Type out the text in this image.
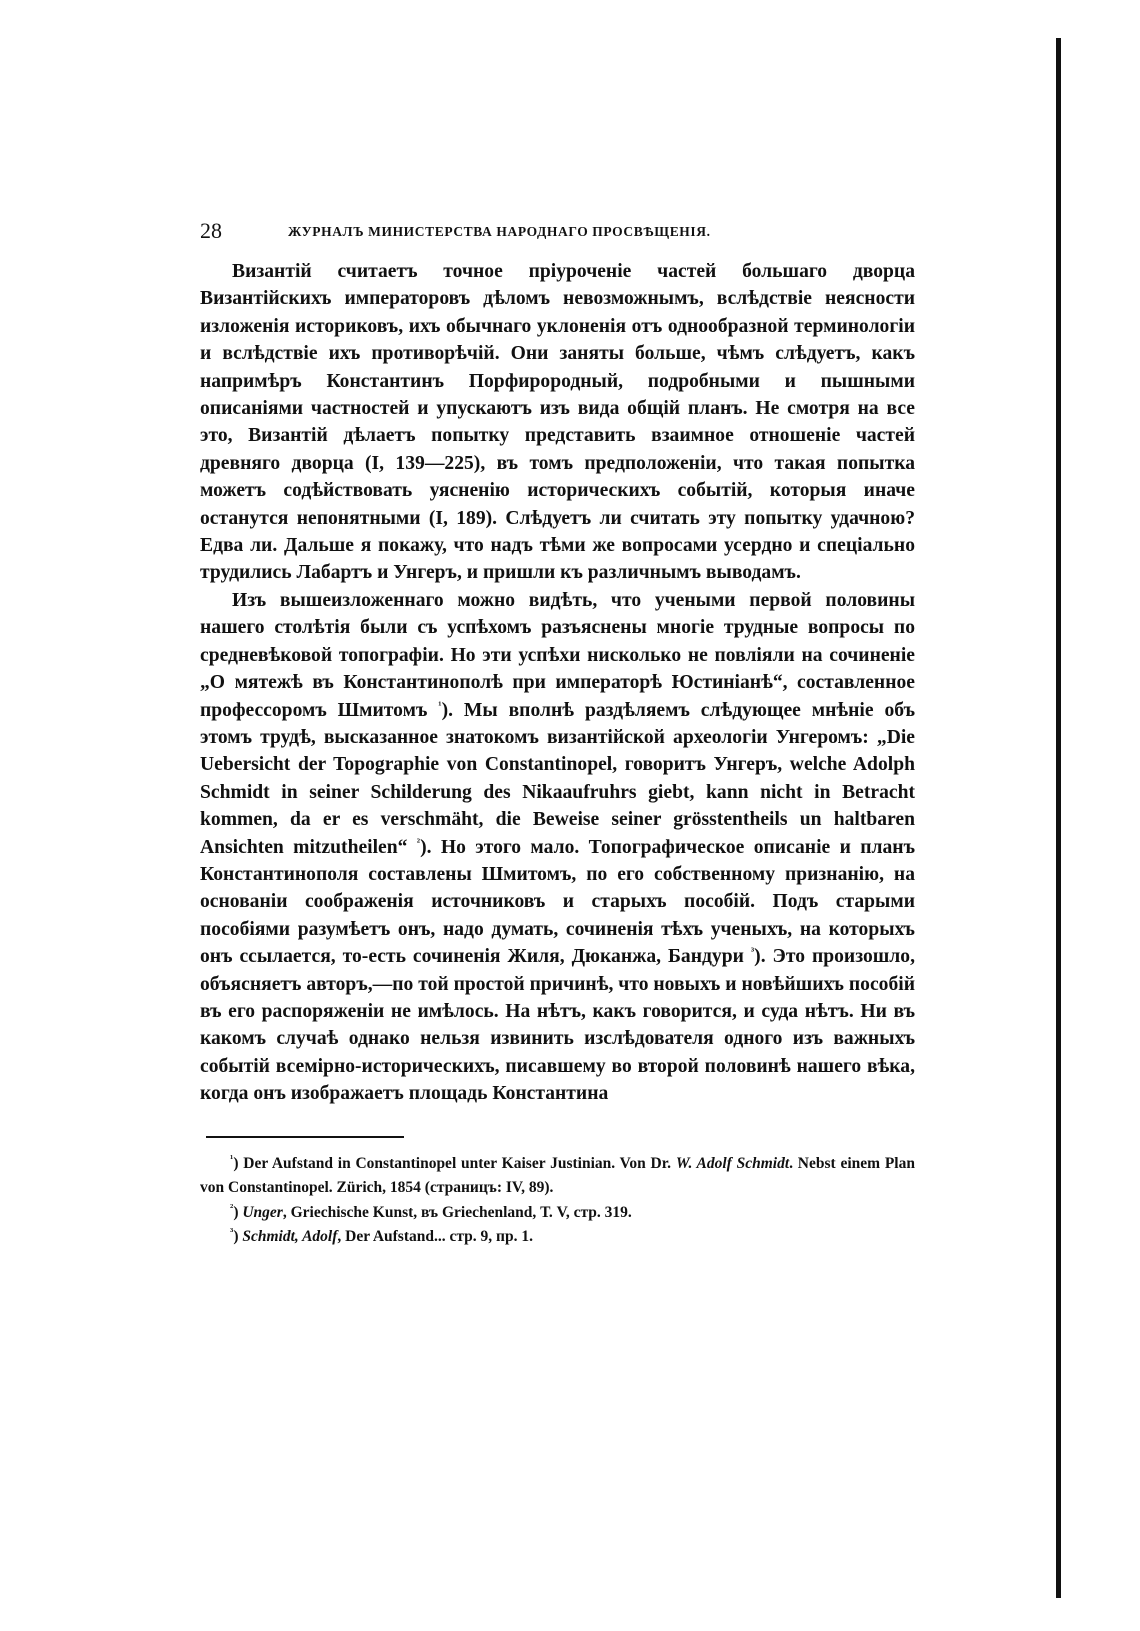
28	ЖУРНАЛЪ МИНИСТЕРСТВА НАРОДНАГО ПРОСВѢЩЕНІЯ.

Византій считаетъ точное пріуроченіе частей большаго дворца Византійскихъ императоровъ дѣломъ невозможнымъ, вслѣдствіе неясности изложенія историковъ, ихъ обычнаго уклоненія отъ однообразной терминологіи и вслѣдствіе ихъ противорѣчій. Они заняты больше, чѣмъ слѣдуетъ, какъ напримѣръ Константинъ Порфирородный, подробными и пышными описаніями частностей и упускаютъ изъ вида общій планъ. Не смотря на все это, Византій дѣлаетъ попытку представить взаимное отношеніе частей древняго дворца (I, 139—225), въ томъ предположеніи, что такая попытка можетъ содѣйствовать уясненію историческихъ событій, которыя иначе останутся непонятными (I, 189). Слѣдуетъ ли считать эту попытку удачною? Едва ли. Дальше я покажу, что надъ тѣми же вопросами усердно и спеціально трудились Лабартъ и Унгеръ, и пришли къ различнымъ выводамъ.

Изъ вышеизложеннаго можно видѣть, что учеными первой половины нашего столѣтія были съ успѣхомъ разъяснены многіе трудные вопросы по средневѣковой топографіи. Но эти успѣхи нисколько не повліяли на сочиненіе „О мятежѣ въ Константинополѣ при императорѣ Юстиніанѣ“, составленное профессоромъ Шмитомъ $^{^1}$). Мы вполнѣ раздѣляемъ слѣдующее мнѣніе объ этомъ трудѣ, высказанное знатокомъ византійской археологіи Унгеромъ: „Die Uebersicht der Topographie von Constantinopel, говоритъ Унгеръ, welche Adolph Schmidt in seiner Schilderung des Nikaaufruhrs giebt, kann nicht in Betracht kommen, da er es verschmäht, die Beweise seiner grösstentheils un haltbaren Ansichten mitzutheilen“ $^{^2}$). Но этого мало. Топографическое описаніе и планъ Константинополя составлены Шмитомъ, по его собственному признанію, на основаніи соображенія источниковъ и старыхъ пособій. Подъ старыми пособіями разумѣетъ онъ, надо думать, сочиненія тѣхъ ученыхъ, на которыхъ онъ ссылается, то-есть сочиненія Жиля, Дюканжа, Бандури $^{^3}$). Это произошло, объясняетъ авторъ,—по той простой причинѣ, что новыхъ и новѣйшихъ пособій въ его распоряженіи не имѣлось. На нѣтъ, какъ говорится, и суда нѣтъ. Ни въ какомъ случаѣ однако нельзя извинить изслѣдователя одного изъ важныхъ событій всемірно-историческихъ, писавшему во второй половинѣ нашего вѣка, когда онъ изображаетъ площадь Константина

$^{^1}$) Der Aufstand in Constantinopel unter Kaiser Justinian. Von Dr. W. Adolf Schmidt. Nebst einem Plan von Constantinopel. Zürich, 1854 (страницъ: IV, 89).

$^{^2}$) Unger, Griechische Kunst, въ Griechenland, Т. V, стр. 319.

$^{^3}$) Schmidt, Adolf, Der Aufstand... стр. 9, пр. 1.
